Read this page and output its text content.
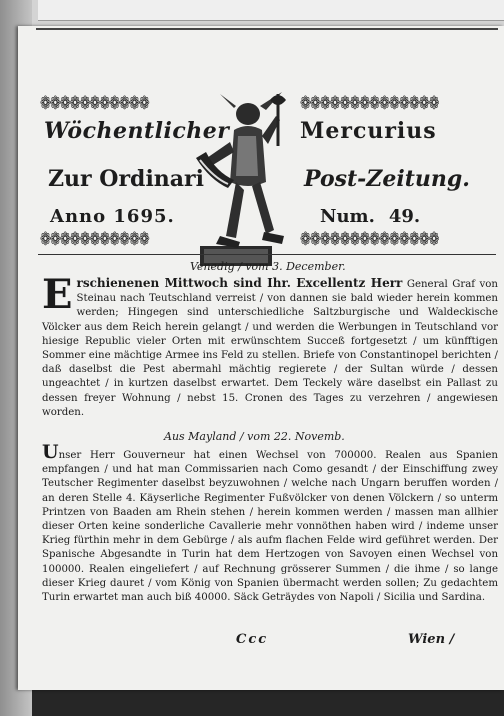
❁❁❁❁❁❁❁❁❁❁❁	❁❁❁❁❁❁❁❁❁❁❁❁❁❁
❁❁❁❁❁❁❁❁❁❁❁	❁❁❁❁❁❁❁❁❁❁❁❁❁❁
Wöchentlicher
Zur Ordinari
Mercurius
Post-Zeitung.
Anno 1695.	Num. 49.
Venedig / vom 3. December.
E rschienenen Mittwoch sind Ihr. Excellentz Herr General Graf von Steinau nach Teutschland verreist / von dannen sie bald wieder herein kommen werden; Hingegen sind unterschiedliche Saltzburgische und Waldeckische Völcker aus dem Reich herein gelangt / und werden die Werbungen in Teutschland vor hiesige Republic vieler Orten mit erwünschtem Succeß fortgesetzt / um künfftigen Sommer eine mächtige Armee ins Feld zu stellen. Briefe von Constantinopel berichten / daß daselbst die Pest abermahl mächtig regierete / der Sultan würde / dessen ungeachtet / in kurtzen daselbst erwartet. Dem Teckely wäre daselbst ein Pallast zu dessen freyer Wohnung / nebst 15. Cronen des Tages zu verzehren / angewiesen worden.
Aus Mayland / vom 22. Novemb.
Unser Herr Gouverneur hat einen Wechsel von 700000. Realen aus Spanien empfangen / und hat man Commissarien nach Como gesandt / der Einschiffung zwey Teutscher Regimenter daselbst beyzuwohnen / welche nach Ungarn beruffen worden / an deren Stelle 4. Käyserliche Regimenter Fußvölcker von denen Völckern / so unterm Printzen von Baaden am Rhein stehen / herein kommen werden / massen man allhier dieser Orten keine sonderliche Cavallerie mehr vonnöthen haben wird / indeme unser Krieg fürthin mehr in dem Gebürge / als aufm flachen Felde wird geführet werden. Der Spanische Abgesandte in Turin hat dem Hertzogen von Savoyen einen Wechsel von 100000. Realen eingeliefert / auf Rechnung grösserer Summen / die ihme / so lange dieser Krieg dauret / vom König von Spanien übermacht werden sollen; Zu gedachtem Turin erwartet man auch biß 40000. Säck Geträydes von Napoli / Sicilia und Sardina.
Ccc	Wien /
